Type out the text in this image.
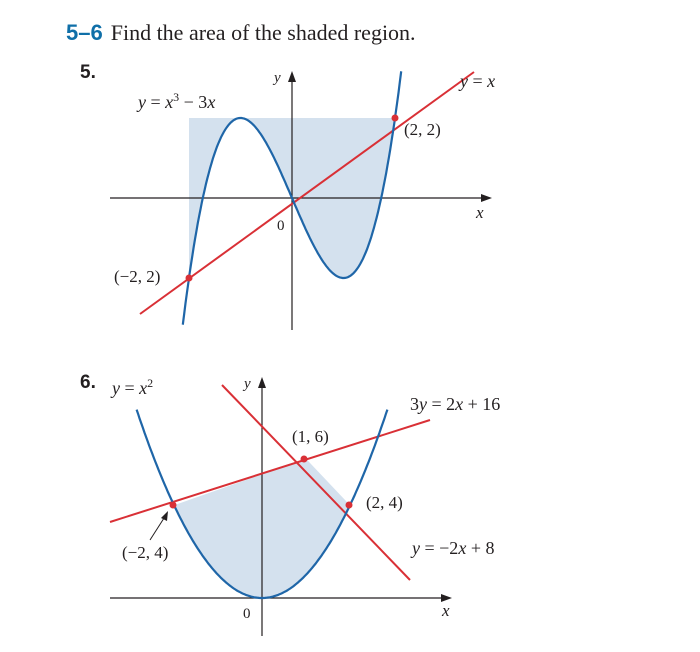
5–6 Find the area of the shaded region.
5.
6.
x
y
0
(2, 2)
(−2, 2)
y = x
$y = x^3 - 3x$
x
y
0
(1, 6)
(2, 4)
(−2, 4)
$y = x^2$
3y = 2x + 16
y = −2x + 8
